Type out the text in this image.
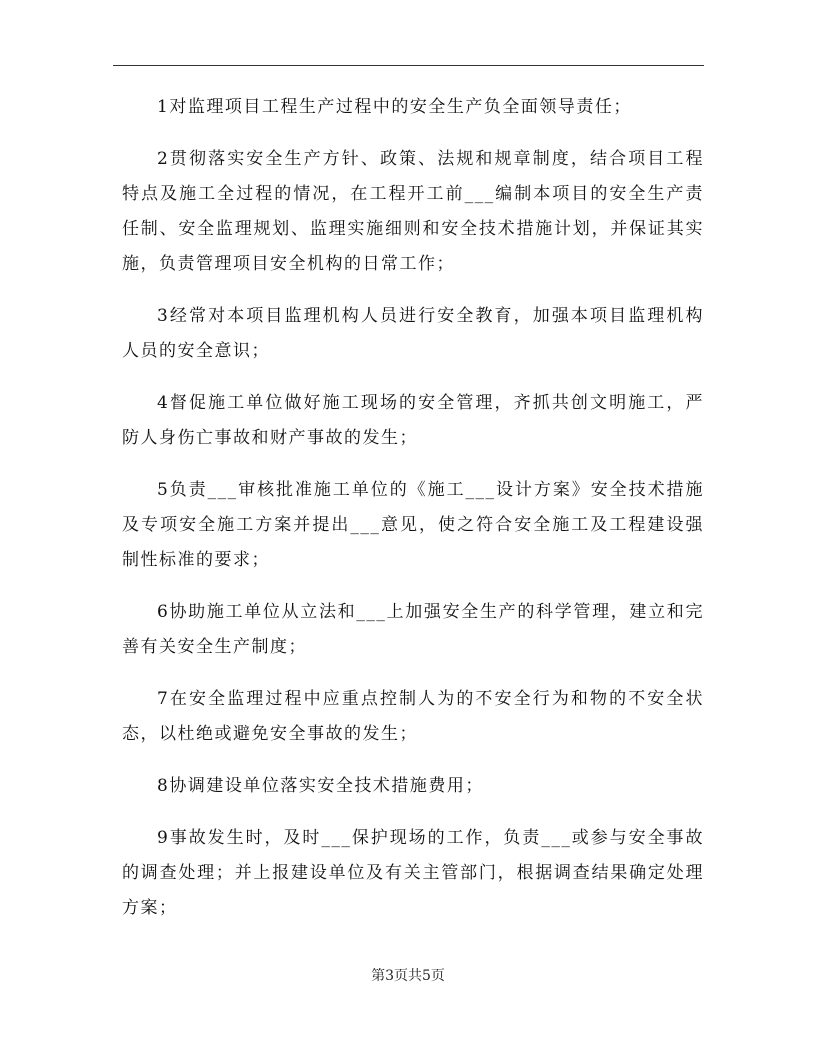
1对监理项目工程生产过程中的安全生产负全面领导责任；

2贯彻落实安全生产方针、政策、法规和规章制度，结合项目工程特点及施工全过程的情况，在工程开工前___编制本项目的安全生产责任制、安全监理规划、监理实施细则和安全技术措施计划，并保证其实施，负责管理项目安全机构的日常工作；

3经常对本项目监理机构人员进行安全教育，加强本项目监理机构人员的安全意识；

4督促施工单位做好施工现场的安全管理，齐抓共创文明施工，严防人身伤亡事故和财产事故的发生；

5负责___审核批准施工单位的《施工___设计方案》安全技术措施及专项安全施工方案并提出___意见，使之符合安全施工及工程建设强制性标准的要求；

6协助施工单位从立法和___上加强安全生产的科学管理，建立和完善有关安全生产制度；

7在安全监理过程中应重点控制人为的不安全行为和物的不安全状态，以杜绝或避免安全事故的发生；

8协调建设单位落实安全技术措施费用；

9事故发生时，及时___保护现场的工作，负责___或参与安全事故的调查处理；并上报建设单位及有关主管部门，根据调查结果确定处理方案；

第3页共5页
